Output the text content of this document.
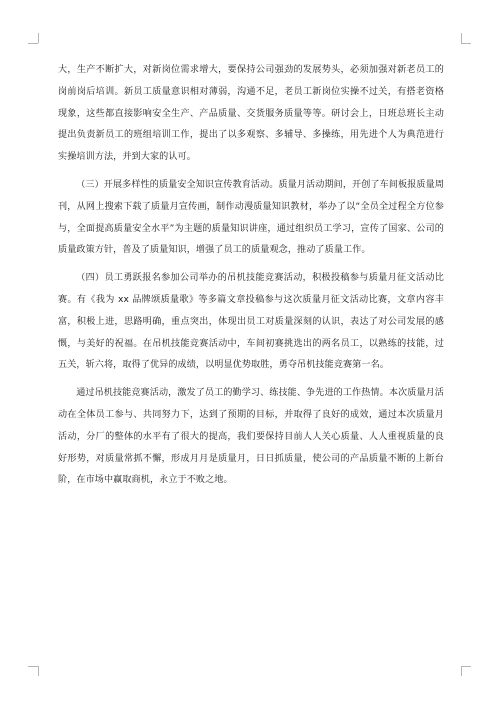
大，生产不断扩大，对新岗位需求增大，要保持公司强劲的发展势头，必须加强对新老员工的岗前岗后培训。新员工质量意识相对薄弱，沟通不足，老员工新岗位实操不过关，有搭老资格现象，这些都直接影响安全生产、产品质量、交货服务质量等等。研讨会上，日班总班长主动提出负责新员工的班组培训工作，提出了以多观察、多辅导、多操练，用先进个人为典范进行实操培训方法，并到大家的认可。

（三）开展多样性的质量安全知识宣传教育活动。质量月活动期间，开创了车间板报质量周刊，从网上搜索下载了质量月宣传画，制作动漫质量知识教材，举办了以“全员全过程全方位参与，全面提高质量安全水平”为主题的质量知识讲座，通过组织员工学习，宣传了国家、公司的质量政策方针，普及了质量知识，增强了员工的质量观念，推动了质量工作。

（四）员工勇跃报名参加公司举办的吊机技能竞赛活动，积极投稿参与质量月征文活动比赛。有《我为 xx 品牌颂质量歌》等多篇文章投稿参与这次质量月征文活动比赛，文章内容丰富，积极上进，思路明确，重点突出，体现出员工对质量深刻的认识，表达了对公司发展的感慨，与美好的祝福。在吊机技能竞赛活动中，车间初赛挑选出的两名员工，以熟练的技能，过五关，斩六将，取得了优异的成绩，以明显优势取胜，勇夺吊机技能竞赛第一名。

通过吊机技能竞赛活动，激发了员工的勤学习、练技能、争先进的工作热情。本次质量月活动在全体员工参与、共同努力下，达到了预期的目标，并取得了良好的成效，通过本次质量月活动，分厂的整体的水平有了很大的提高，我们要保持目前人人关心质量、人人重视质量的良好形势，对质量常抓不懈，形成月月是质量月，日日抓质量，使公司的产品质量不断的上新台阶，在市场中赢取商机，永立于不败之地。
